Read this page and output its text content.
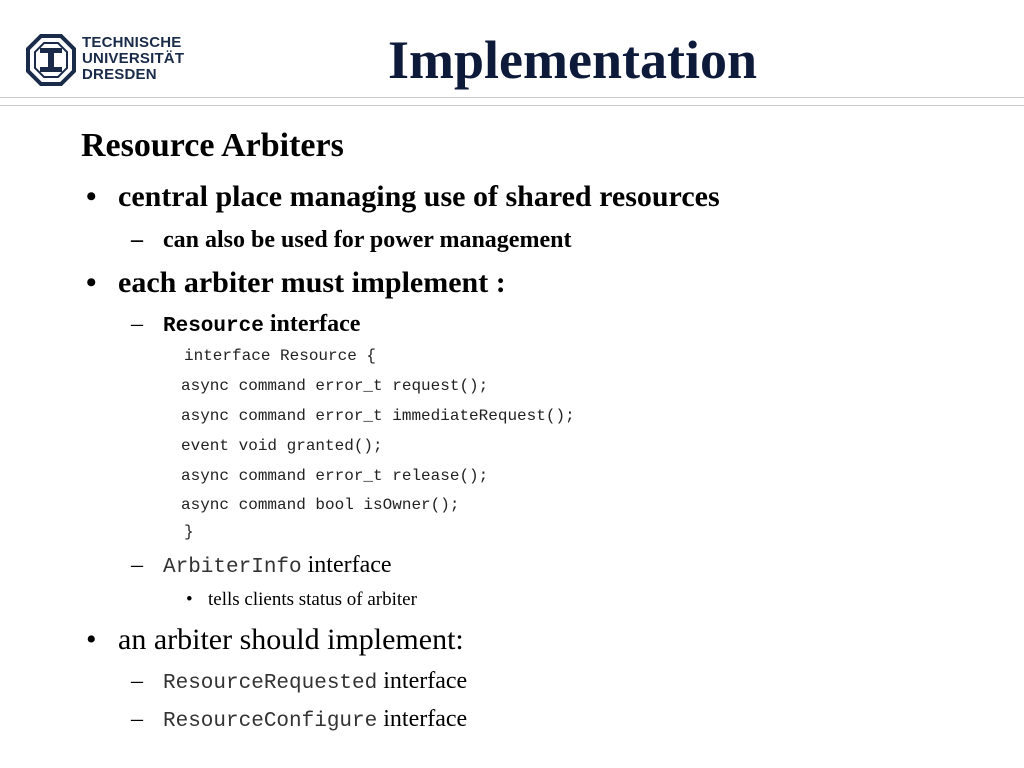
TECHNISCHE
UNIVERSITÄT
DRESDEN	Implementation
Resource Arbiters
• central place managing use of shared resources
– can also be used for power management
• each arbiter must implement :
– Resource interface
interface Resource {
async command error_t request();
async command error_t immediateRequest();
event void granted();
async command error_t release();
async command bool isOwner();
}
– ArbiterInfo interface
• tells clients status of arbiter
• an arbiter should implement:
– ResourceRequested interface
– ResourceConfigure interface
